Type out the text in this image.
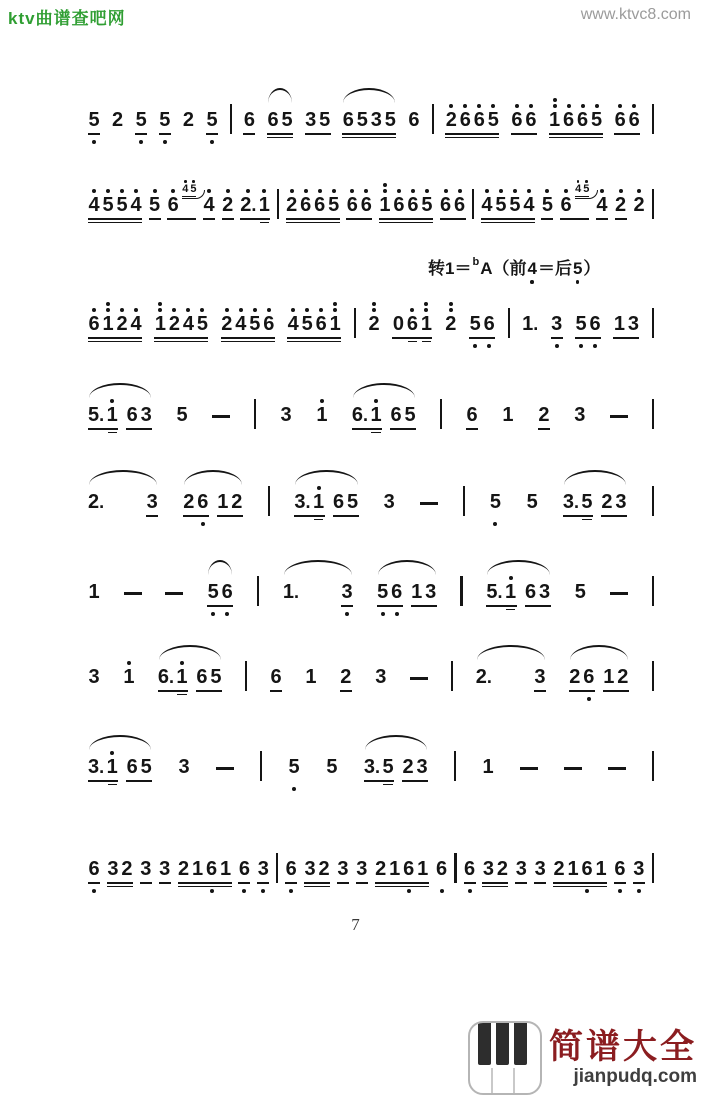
ktv曲谱查吧网	www.ktvc8.com
转 1 ＝ b A （前 4 ＝后 5 ）
5 2 5 5 2 5 6 6 5 3 5 6 5 3 5 6 2 6 6 5 6 6 1 6 6 5 6 6
4 5 5 4 5 6
4 5
4 2 2. 1 2 6 6 5 6 6 1 6 6 5 6 6 4 5 5 4 5 6
4 5
4 2 2
6 1 2 4 1 2 4 5 2 4 5 6 4 5 6 1 2 0 6 1 2 5 6 1. 3 5 6 1 3
5. 1 6 3 5	3 1 6. 1 6 5	6 1 2 3
2. 3 2 6 1 2	3. 1 6 5 3	5 5 3. 5 2 3
1	5 6	1. 3 5 6 1 3	5. 1 6 3 5
3 1 6. 1 6 5 6 1 2 3	2. 3 2 6 1 2
3. 1 6 5 3	5 5 3. 5 2 3	1
6 3 2 3 3 2 1 6 1 6 3 6 3 2 3 3 2 1 6 1 6 6 3 2 3 3 2 1 6 1 6 3
7
简谱大全
jianpudq.com
